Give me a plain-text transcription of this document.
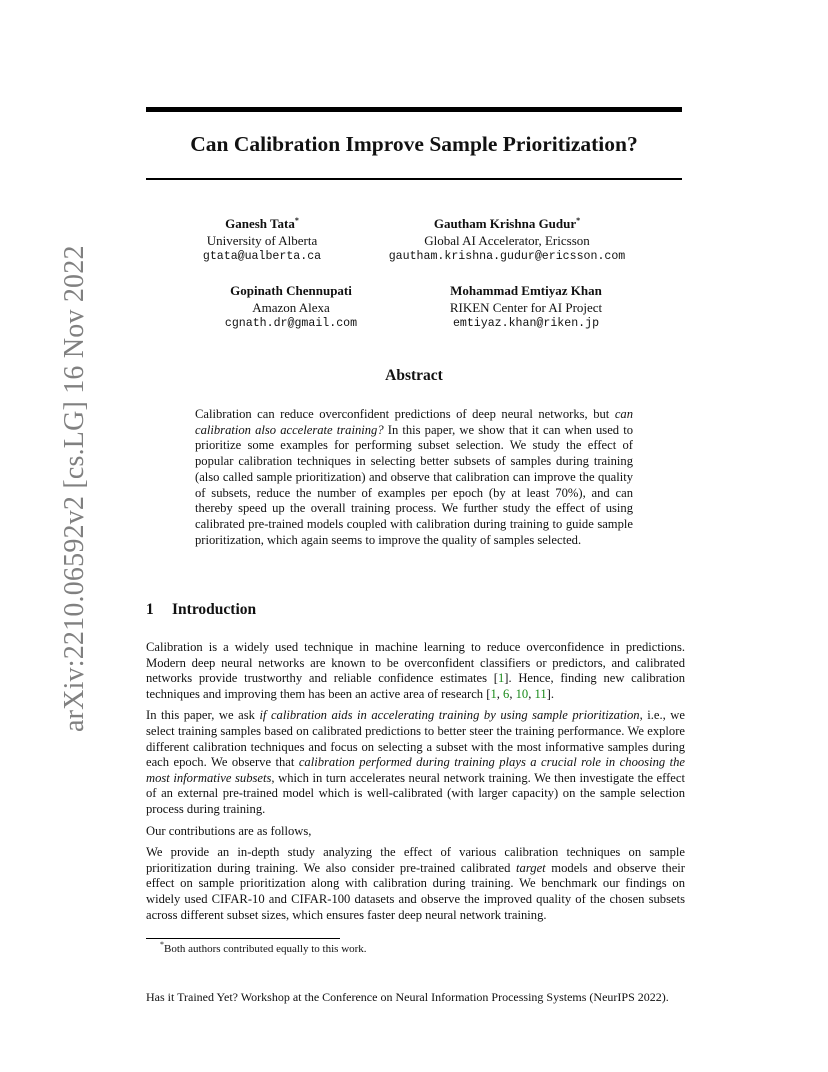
arXiv:2210.06592v2 [cs.LG] 16 Nov 2022
Can Calibration Improve Sample Prioritization?
Ganesh Tata*
University of Alberta
gtata@ualberta.ca
Gautham Krishna Gudur*
Global AI Accelerator, Ericsson
gautham.krishna.gudur@ericsson.com
Gopinath Chennupati
Amazon Alexa
cgnath.dr@gmail.com
Mohammad Emtiyaz Khan
RIKEN Center for AI Project
emtiyaz.khan@riken.jp
Abstract
Calibration can reduce overconfident predictions of deep neural networks, but can calibration also accelerate training? In this paper, we show that it can when used to prioritize some examples for performing subset selection. We study the effect of popular calibration techniques in selecting better subsets of samples during training (also called sample prioritization) and observe that calibration can improve the quality of subsets, reduce the number of examples per epoch (by at least 70%), and can thereby speed up the overall training process. We further study the effect of using calibrated pre-trained models coupled with calibration during training to guide sample prioritization, which again seems to improve the quality of samples selected.
1 Introduction

Calibration is a widely used technique in machine learning to reduce overconfidence in predictions. Modern deep neural networks are known to be overconfident classifiers or predictors, and calibrated networks provide trustworthy and reliable confidence estimates [1]. Hence, finding new calibration techniques and improving them has been an active area of research [1, 6, 10, 11].

In this paper, we ask if calibration aids in accelerating training by using sample prioritization, i.e., we select training samples based on calibrated predictions to better steer the training performance. We explore different calibration techniques and focus on selecting a subset with the most informative samples during each epoch. We observe that calibration performed during training plays a crucial role in choosing the most informative subsets, which in turn accelerates neural network training. We then investigate the effect of an external pre-trained model which is well-calibrated (with larger capacity) on the sample selection process during training.

Our contributions are as follows,

We provide an in-depth study analyzing the effect of various calibration techniques on sample prioritization during training. We also consider pre-trained calibrated target models and observe their effect on sample prioritization along with calibration during training. We benchmark our findings on widely used CIFAR-10 and CIFAR-100 datasets and observe the improved quality of the chosen subsets across different subset sizes, which ensures faster deep neural network training.

*Both authors contributed equally to this work.
Has it Trained Yet? Workshop at the Conference on Neural Information Processing Systems (NeurIPS 2022).
